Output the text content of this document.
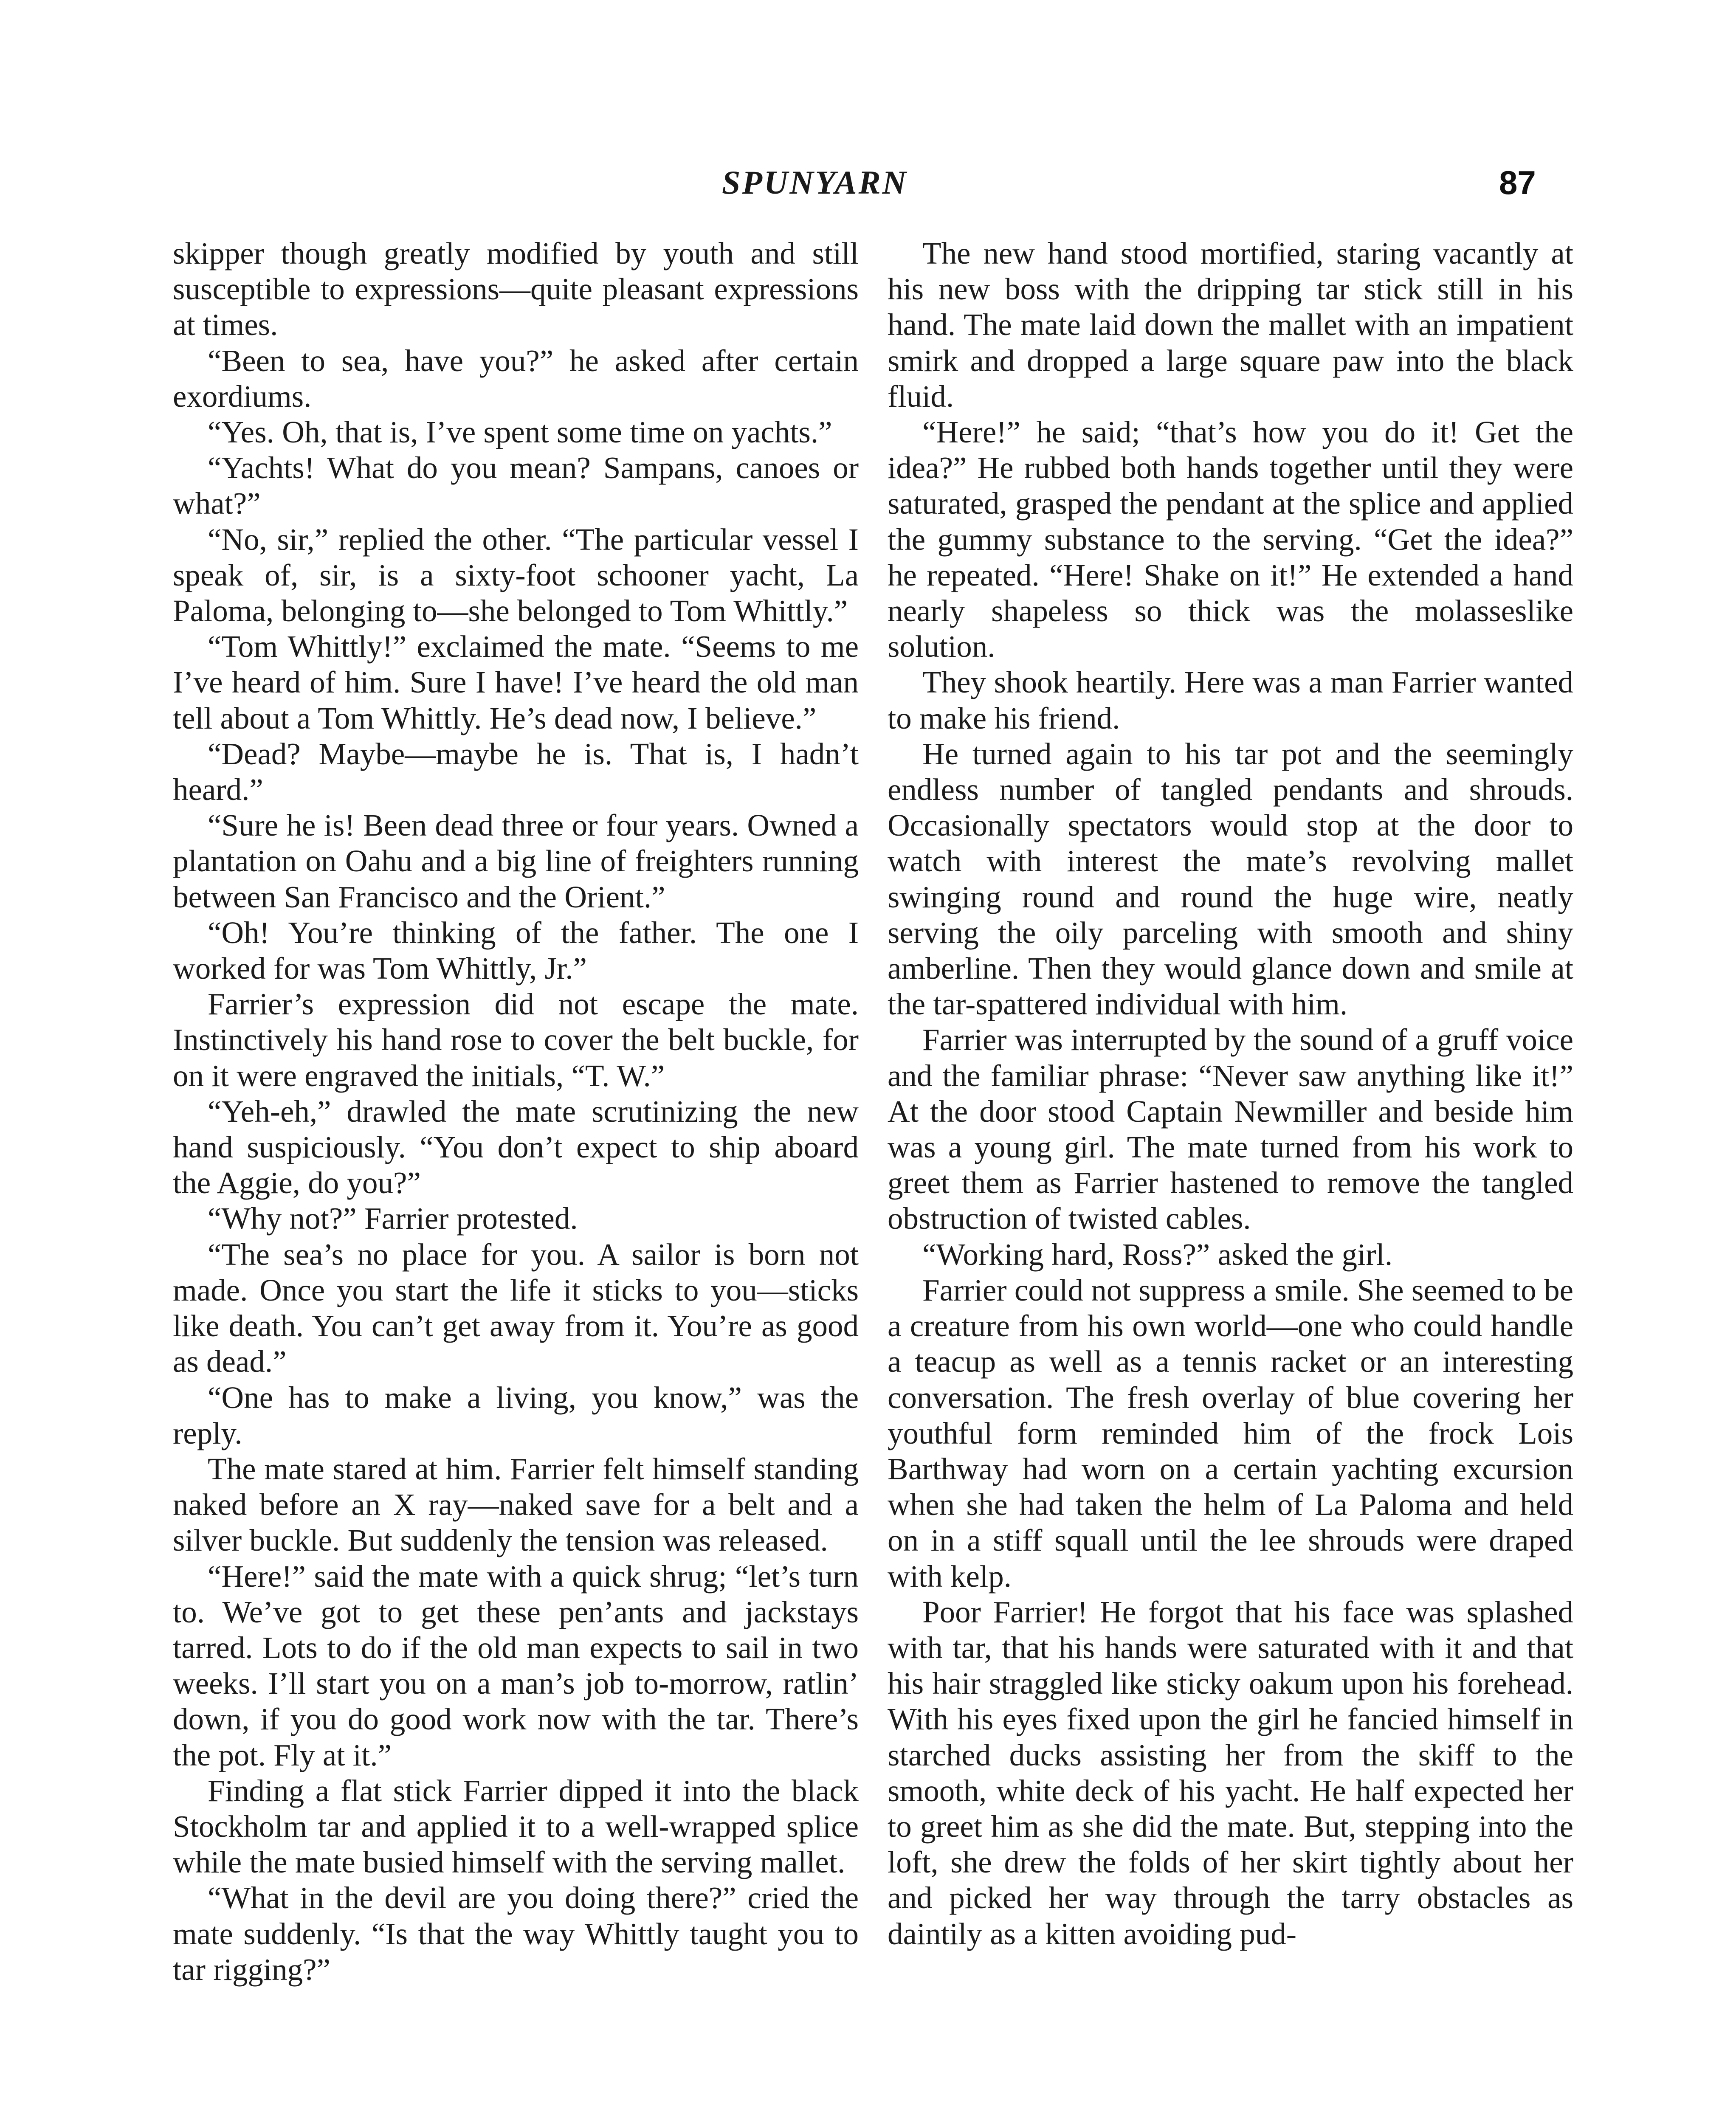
SPUNYARN	87

skipper though greatly modified by youth and still susceptible to expressions—quite pleasant expressions at times.

“Been to sea, have you?” he asked after certain exordiums.

“Yes. Oh, that is, I’ve spent some time on yachts.”

“Yachts! What do you mean? Sampans, canoes or what?”

“No, sir,” replied the other. “The particular vessel I speak of, sir, is a sixty-foot schooner yacht, La Paloma, belonging to—she belonged to Tom Whittly.”

“Tom Whittly!” exclaimed the mate. “Seems to me I’ve heard of him. Sure I have! I’ve heard the old man tell about a Tom Whittly. He’s dead now, I believe.”

“Dead? Maybe—maybe he is. That is, I hadn’t heard.”

“Sure he is! Been dead three or four years. Owned a plantation on Oahu and a big line of freighters running between San Francisco and the Orient.”

“Oh! You’re thinking of the father. The one I worked for was Tom Whittly, Jr.”

Farrier’s expression did not escape the mate. Instinctively his hand rose to cover the belt buckle, for on it were engraved the initials, “T. W.”

“Yeh-eh,” drawled the mate scrutinizing the new hand suspiciously. “You don’t expect to ship aboard the Aggie, do you?”

“Why not?” Farrier protested.

“The sea’s no place for you. A sailor is born not made. Once you start the life it sticks to you—sticks like death. You can’t get away from it. You’re as good as dead.”

“One has to make a living, you know,” was the reply.

The mate stared at him. Farrier felt himself standing naked before an X ray—naked save for a belt and a silver buckle. But suddenly the tension was released.

“Here!” said the mate with a quick shrug; “let’s turn to. We’ve got to get these pen’ants and jackstays tarred. Lots to do if the old man expects to sail in two weeks. I’ll start you on a man’s job to-morrow, ratlin’ down, if you do good work now with the tar. There’s the pot. Fly at it.”

Finding a flat stick Farrier dipped it into the black Stockholm tar and applied it to a well-wrapped splice while the mate busied himself with the serving mallet.

“What in the devil are you doing there?” cried the mate suddenly. “Is that the way Whittly taught you to tar rigging?”

The new hand stood mortified, staring vacantly at his new boss with the dripping tar stick still in his hand. The mate laid down the mallet with an impatient smirk and dropped a large square paw into the black fluid.

“Here!” he said; “that’s how you do it! Get the idea?” He rubbed both hands together until they were saturated, grasped the pendant at the splice and applied the gummy substance to the serving. “Get the idea?” he repeated. “Here! Shake on it!” He extended a hand nearly shapeless so thick was the molasseslike solution.

They shook heartily. Here was a man Farrier wanted to make his friend.

He turned again to his tar pot and the seemingly endless number of tangled pendants and shrouds. Occasionally spectators would stop at the door to watch with interest the mate’s revolving mallet swinging round and round the huge wire, neatly serving the oily parceling with smooth and shiny amberline. Then they would glance down and smile at the tar-spattered individual with him.

Farrier was interrupted by the sound of a gruff voice and the familiar phrase: “Never saw anything like it!” At the door stood Captain Newmiller and beside him was a young girl. The mate turned from his work to greet them as Farrier hastened to remove the tangled obstruction of twisted cables.

“Working hard, Ross?” asked the girl.

Farrier could not suppress a smile. She seemed to be a creature from his own world—one who could handle a teacup as well as a tennis racket or an interesting conversation. The fresh overlay of blue covering her youthful form reminded him of the frock Lois Barthway had worn on a certain yachting excursion when she had taken the helm of La Paloma and held on in a stiff squall until the lee shrouds were draped with kelp.

Poor Farrier! He forgot that his face was splashed with tar, that his hands were saturated with it and that his hair straggled like sticky oakum upon his forehead. With his eyes fixed upon the girl he fancied himself in starched ducks assisting her from the skiff to the smooth, white deck of his yacht. He half expected her to greet him as she did the mate. But, stepping into the loft, she drew the folds of her skirt tightly about her and picked her way through the tarry obstacles as daintily as a kitten avoiding pud-
